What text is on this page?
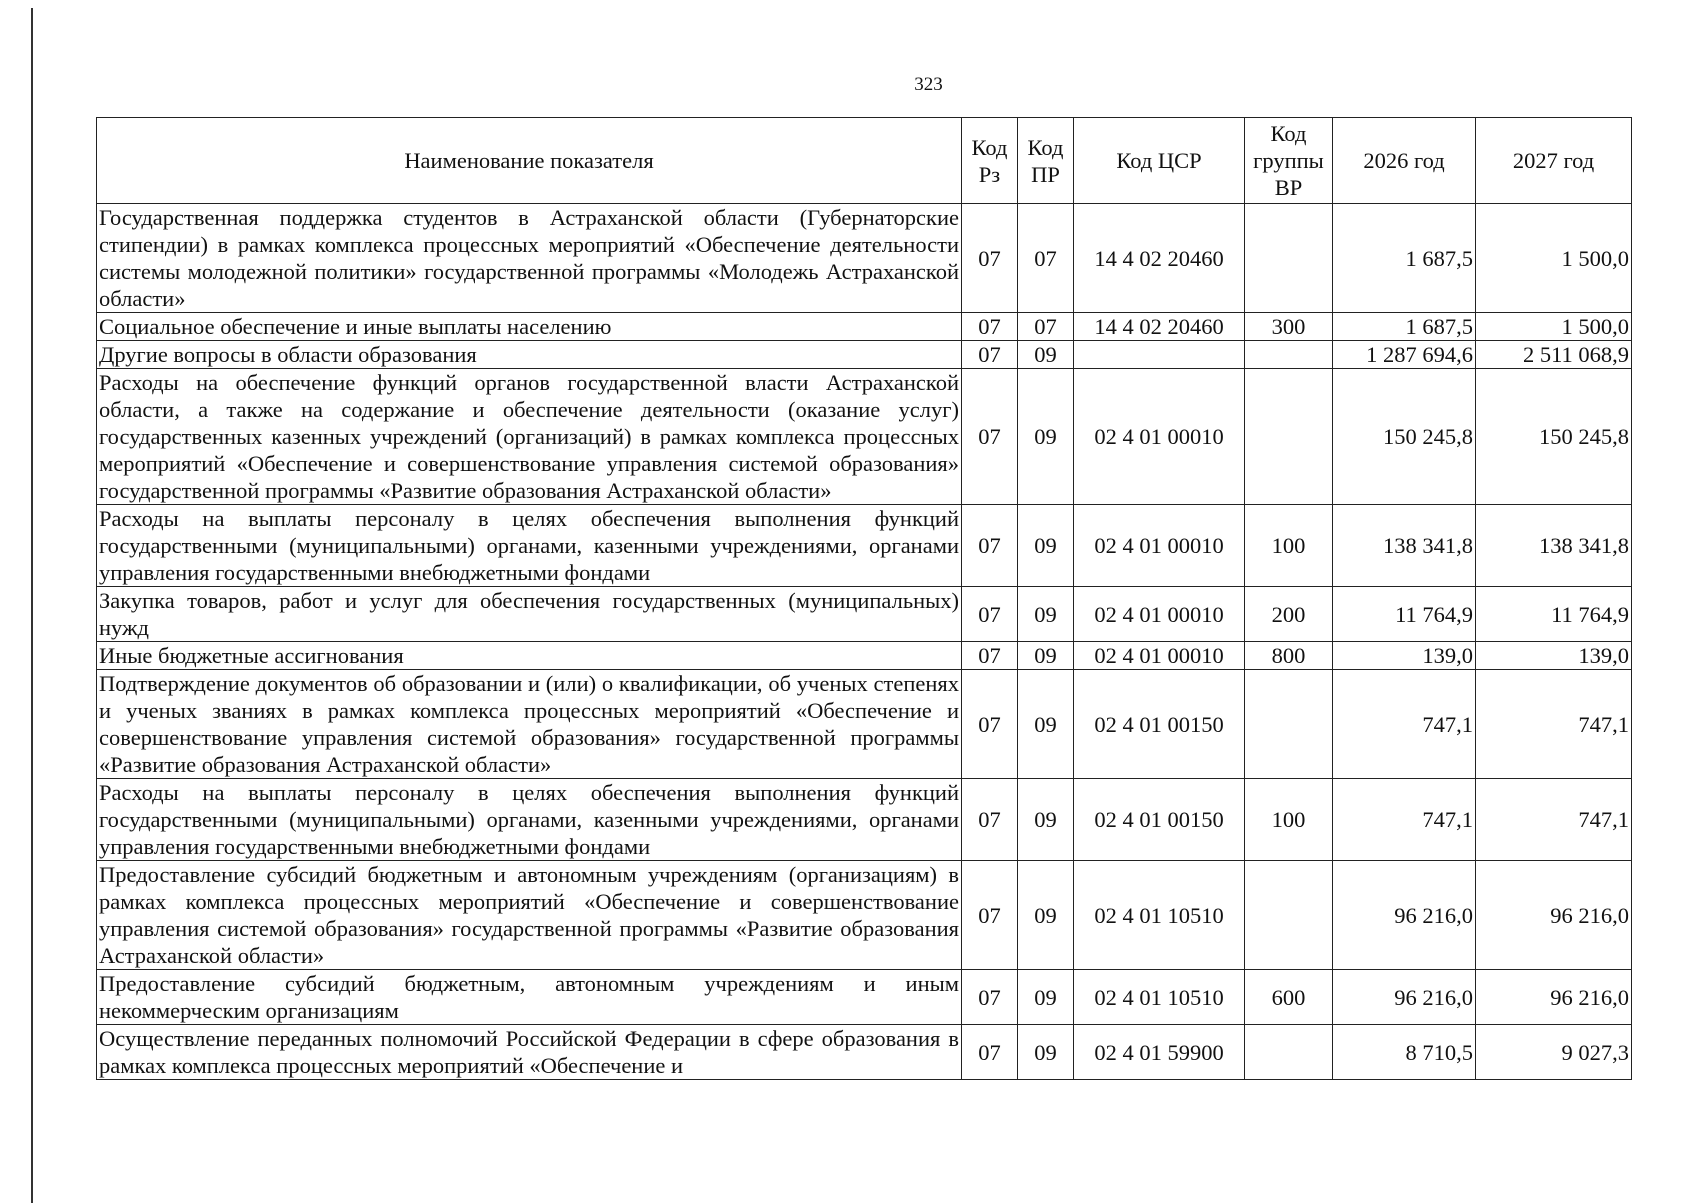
323
Наименование показателя	Код Рз	Код ПР	Код ЦСР	Код группы ВР	2026 год	2027 год
Государственная поддержка студентов в Астраханской области (Губернаторские стипендии) в рамках комплекса процессных мероприятий «Обеспечение деятельности системы молодежной политики» государственной программы «Молодежь Астраханской области»	07	07	14 4 02 20460		1 687,5	1 500,0
Социальное обеспечение и иные выплаты населению	07	07	14 4 02 20460	300	1 687,5	1 500,0
Другие вопросы в области образования	07	09			1 287 694,6	2 511 068,9
Расходы на обеспечение функций органов государственной власти Астраханской области, а также на содержание и обеспечение деятельности (оказание услуг) государственных казенных учреждений (организаций) в рамках комплекса процессных мероприятий «Обеспечение и совершенствование управления системой образования» государственной программы «Развитие образования Астраханской области»	07	09	02 4 01 00010		150 245,8	150 245,8
Расходы на выплаты персоналу в целях обеспечения выполнения функций государственными (муниципальными) органами, казенными учреждениями, органами управления государственными внебюджетными фондами	07	09	02 4 01 00010	100	138 341,8	138 341,8
Закупка товаров, работ и услуг для обеспечения государственных (муниципальных) нужд	07	09	02 4 01 00010	200	11 764,9	11 764,9
Иные бюджетные ассигнования	07	09	02 4 01 00010	800	139,0	139,0
Подтверждение документов об образовании и (или) о квалификации, об ученых степенях и ученых званиях в рамках комплекса процессных мероприятий «Обеспечение и совершенствование управления системой образования» государственной программы «Развитие образования Астраханской области»	07	09	02 4 01 00150		747,1	747,1
Расходы на выплаты персоналу в целях обеспечения выполнения функций государственными (муниципальными) органами, казенными учреждениями, органами управления государственными внебюджетными фондами	07	09	02 4 01 00150	100	747,1	747,1
Предоставление субсидий бюджетным и автономным учреждениям (организациям) в рамках комплекса процессных мероприятий «Обеспечение и совершенствование управления системой образования» государственной программы «Развитие образования Астраханской области»	07	09	02 4 01 10510		96 216,0	96 216,0
Предоставление субсидий бюджетным, автономным учреждениям и иным некоммерческим организациям	07	09	02 4 01 10510	600	96 216,0	96 216,0
Осуществление переданных полномочий Российской Федерации в сфере образования в рамках комплекса процессных мероприятий «Обеспечение и	07	09	02 4 01 59900		8 710,5	9 027,3
